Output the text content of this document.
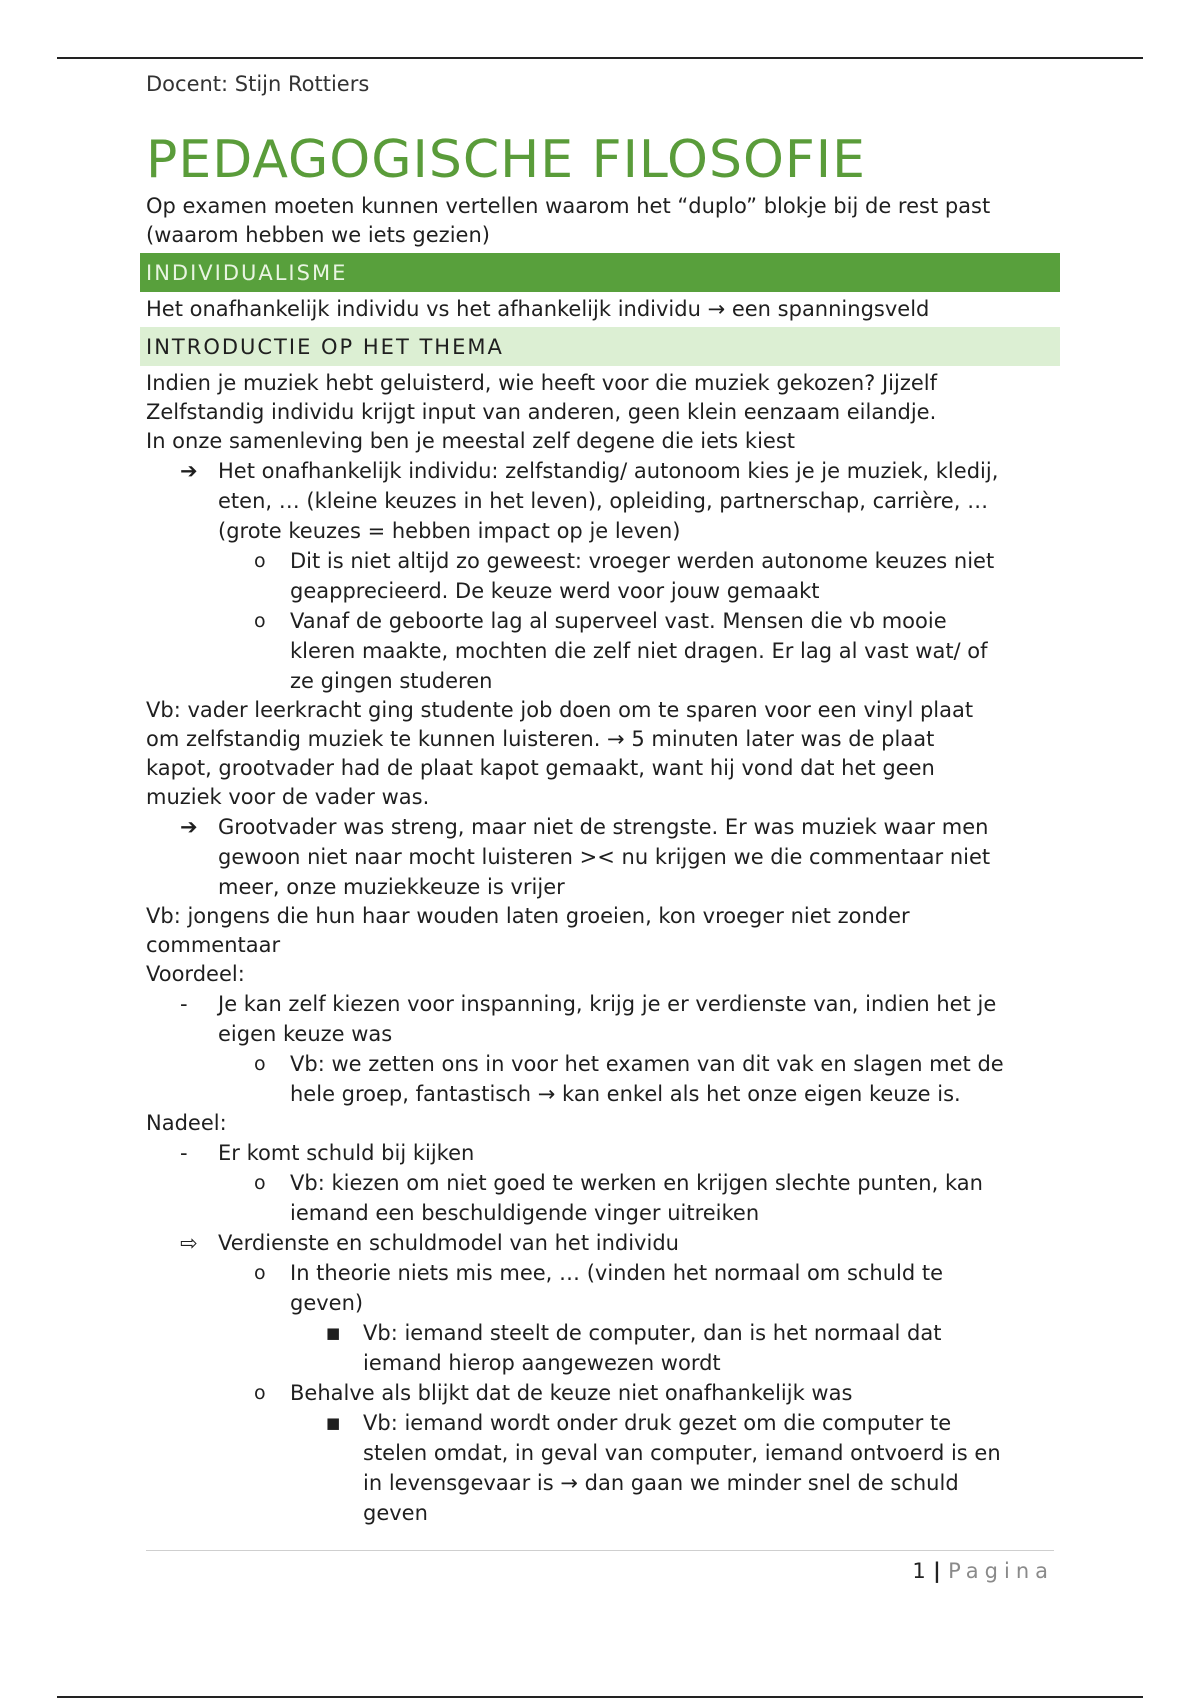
Docent: Stijn Rottiers
PEDAGOGISCHE FILOSOFIE

Op examen moeten kunnen vertellen waarom het “duplo” blokje bij de rest past

(waarom hebben we iets gezien)

INDIVIDUALISME

Het onafhankelijk individu vs het afhankelijk individu → een spanningsveld

INTRODUCTIE OP HET THEMA

Indien je muziek hebt geluisterd, wie heeft voor die muziek gekozen? Jijzelf

Zelfstandig individu krijgt input van anderen, geen klein eenzaam eilandje.

In onze samenleving ben je meestal zelf degene die iets kiest

➔ Het onafhankelijk individu: zelfstandig/ autonoom kies je je muziek, kledij,
eten, … (kleine keuzes in het leven), opleiding, partnerschap, carrière, …
(grote keuzes = hebben impact op je leven)
o	Dit is niet altijd zo geweest: vroeger werden autonome keuzes niet
geapprecieerd. De keuze werd voor jouw gemaakt
o	Vanaf de geboorte lag al superveel vast. Mensen die vb mooie
kleren maakte, mochten die zelf niet dragen. Er lag al vast wat/ of
ze gingen studeren

Vb: vader leerkracht ging studente job doen om te sparen voor een vinyl plaat

om zelfstandig muziek te kunnen luisteren. → 5 minuten later was de plaat

kapot, grootvader had de plaat kapot gemaakt, want hij vond dat het geen

muziek voor de vader was.

➔ Grootvader was streng, maar niet de strengste. Er was muziek waar men
gewoon niet naar mocht luisteren >< nu krijgen we die commentaar niet
meer, onze muziekkeuze is vrijer

Vb: jongens die hun haar wouden laten groeien, kon vroeger niet zonder

commentaar

Voordeel:

-	Je kan zelf kiezen voor inspanning, krijg je er verdienste van, indien het je
eigen keuze was
o	Vb: we zetten ons in voor het examen van dit vak en slagen met de
hele groep, fantastisch → kan enkel als het onze eigen keuze is.

Nadeel:

-	Er komt schuld bij kijken
o	Vb: kiezen om niet goed te werken en krijgen slechte punten, kan
iemand een beschuldigende vinger uitreiken
⇨ Verdienste en schuldmodel van het individu
o	In theorie niets mis mee, … (vinden het normaal om schuld te
geven)
■	Vb: iemand steelt de computer, dan is het normaal dat
iemand hierop aangewezen wordt
o	Behalve als blijkt dat de keuze niet onafhankelijk was
■	Vb: iemand wordt onder druk gezet om die computer te
stelen omdat, in geval van computer, iemand ontvoerd is en
in levensgevaar is → dan gaan we minder snel de schuld
geven
1 | Pagina
